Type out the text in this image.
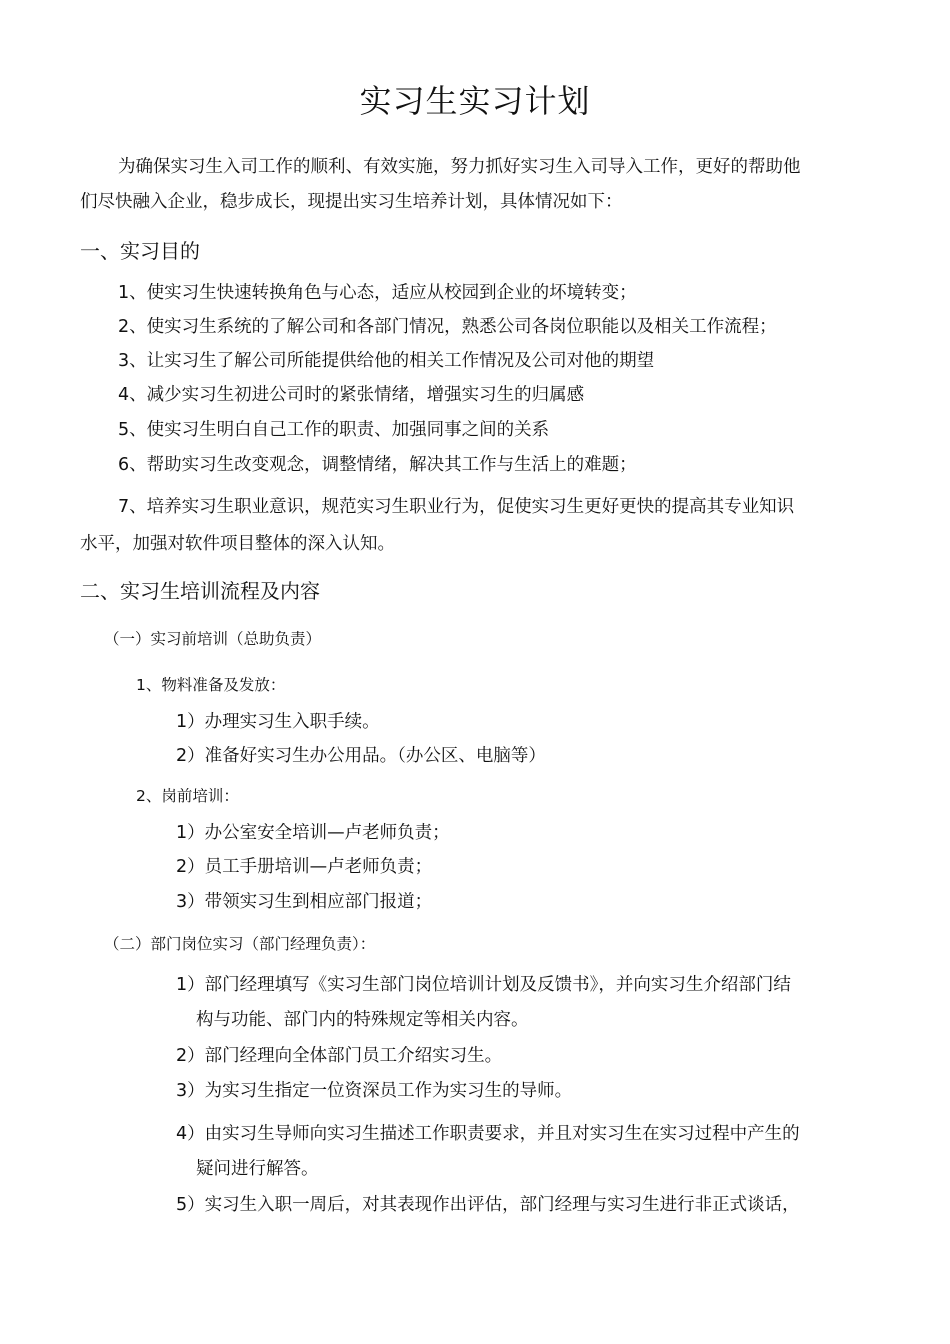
实习生实习计划
为确保实习生入司工作的顺利、有效实施，努力抓好实习生入司导入工作，更好的帮助他
们尽快融入企业，稳步成长，现提出实习生培养计划，具体情况如下：
一、实习目的
1、使实习生快速转换角色与心态，适应从校园到企业的坏境转变；
2、使实习生系统的了解公司和各部门情况，熟悉公司各岗位职能以及相关工作流程；
3、让实习生了解公司所能提供给他的相关工作情况及公司对他的期望
4、减少实习生初进公司时的紧张情绪，增强实习生的归属感
5、使实习生明白自己工作的职责、加强同事之间的关系
6、帮助实习生改变观念，调整情绪，解决其工作与生活上的难题；
7、培养实习生职业意识，规范实习生职业行为，促使实习生更好更快的提高其专业知识
水平，加强对软件项目整体的深入认知。
二、实习生培训流程及内容
（一）实习前培训（总助负责）
1、物料准备及发放：
1）办理实习生入职手续。
2）准备好实习生办公用品。（办公区、电脑等）
2、岗前培训：
1）办公室安全培训—卢老师负责；
2）员工手册培训—卢老师负责；
3）带领实习生到相应部门报道；
（二）部门岗位实习（部门经理负责）：
1）部门经理填写《实习生部门岗位培训计划及反馈书》，并向实习生介绍部门结
构与功能、部门内的特殊规定等相关内容。
2）部门经理向全体部门员工介绍实习生。
3）为实习生指定一位资深员工作为实习生的导师。
4）由实习生导师向实习生描述工作职责要求，并且对实习生在实习过程中产生的
疑问进行解答。
5）实习生入职一周后，对其表现作出评估，部门经理与实习生进行非正式谈话，
